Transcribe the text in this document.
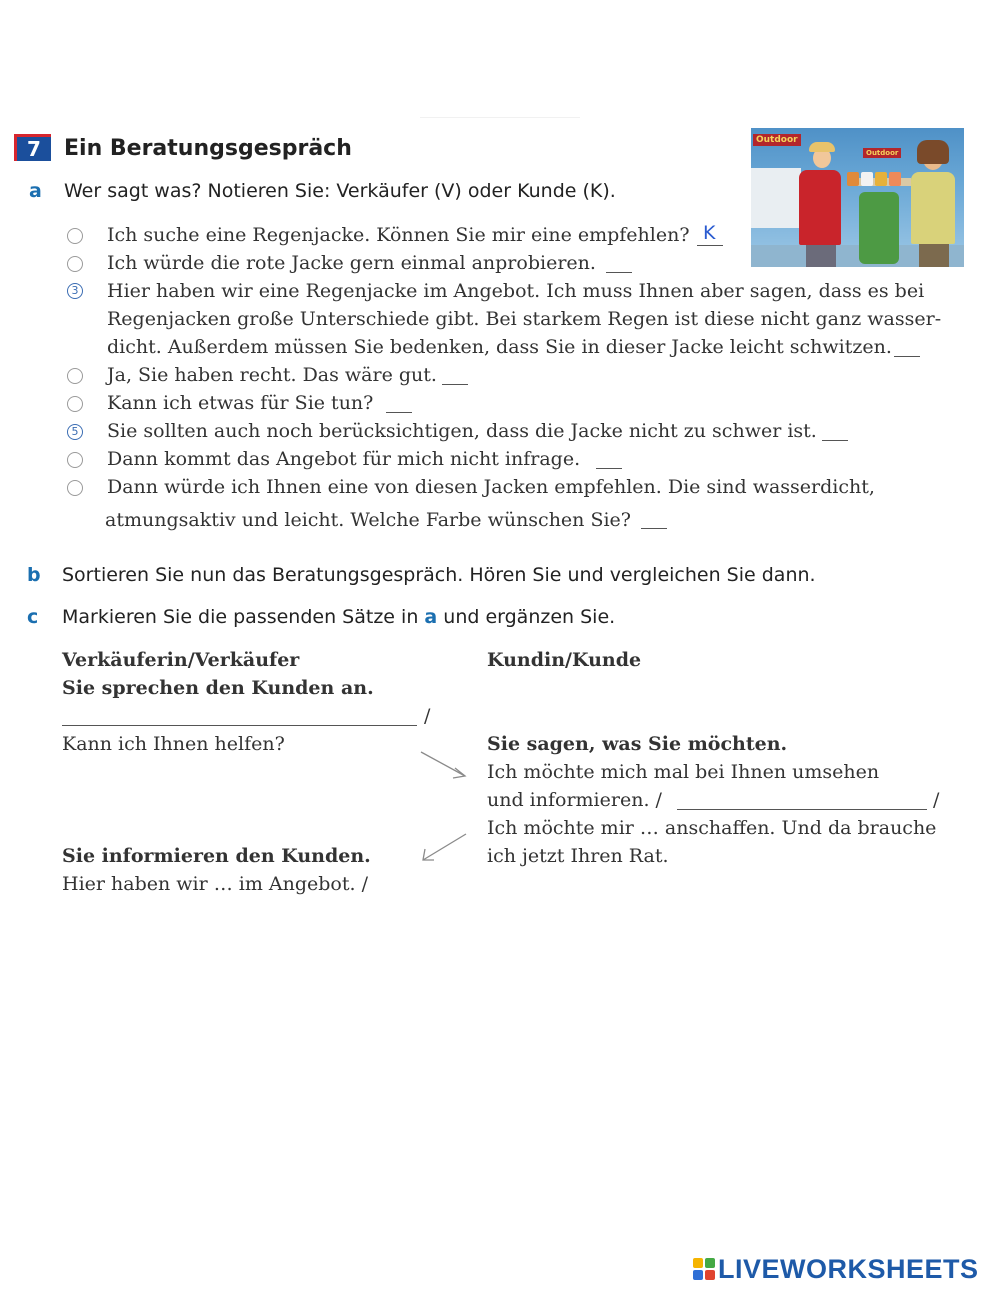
7	Ein Beratungsgespräch	Outdoor
Outdoor
a Wer sagt was? Notieren Sie: Verkäufer (V) oder Kunde (K).
Ich suche eine Regenjacke. Können Sie mir eine empfehlen? K
Ich würde die rote Jacke gern einmal anprobieren.
3 Hier haben wir eine Regenjacke im Angebot. Ich muss Ihnen aber sagen, dass es bei
Regenjacken große Unterschiede gibt. Bei starkem Regen ist diese nicht ganz wasser-
dicht. Außerdem müssen Sie bedenken, dass Sie in dieser Jacke leicht schwitzen.
Ja, Sie haben recht. Das wäre gut.
Kann ich etwas für Sie tun?
5 Sie sollten auch noch berücksichtigen, dass die Jacke nicht zu schwer ist.
Dann kommt das Angebot für mich nicht infrage.
Dann würde ich Ihnen eine von diesen Jacken empfehlen. Die sind wasserdicht,
atmungsaktiv und leicht. Welche Farbe wünschen Sie?
b Sortieren Sie nun das Beratungsgespräch. Hören Sie und vergleichen Sie dann.
c Markieren Sie die passenden Sätze in a und ergänzen Sie.
Verkäuferin/Verkäufer	Kundin/Kunde
Sie sprechen den Kunden an.
/
Kann ich Ihnen helfen?	Sie sagen, was Sie möchten.
Ich möchte mich mal bei Ihnen umsehen
und informieren. /	/
Ich möchte mir … anschaffen. Und da brauche
ich jetzt Ihren Rat.
Sie informieren den Kunden.
Hier haben wir … im Angebot. /
LIVEWORKSHEETS
